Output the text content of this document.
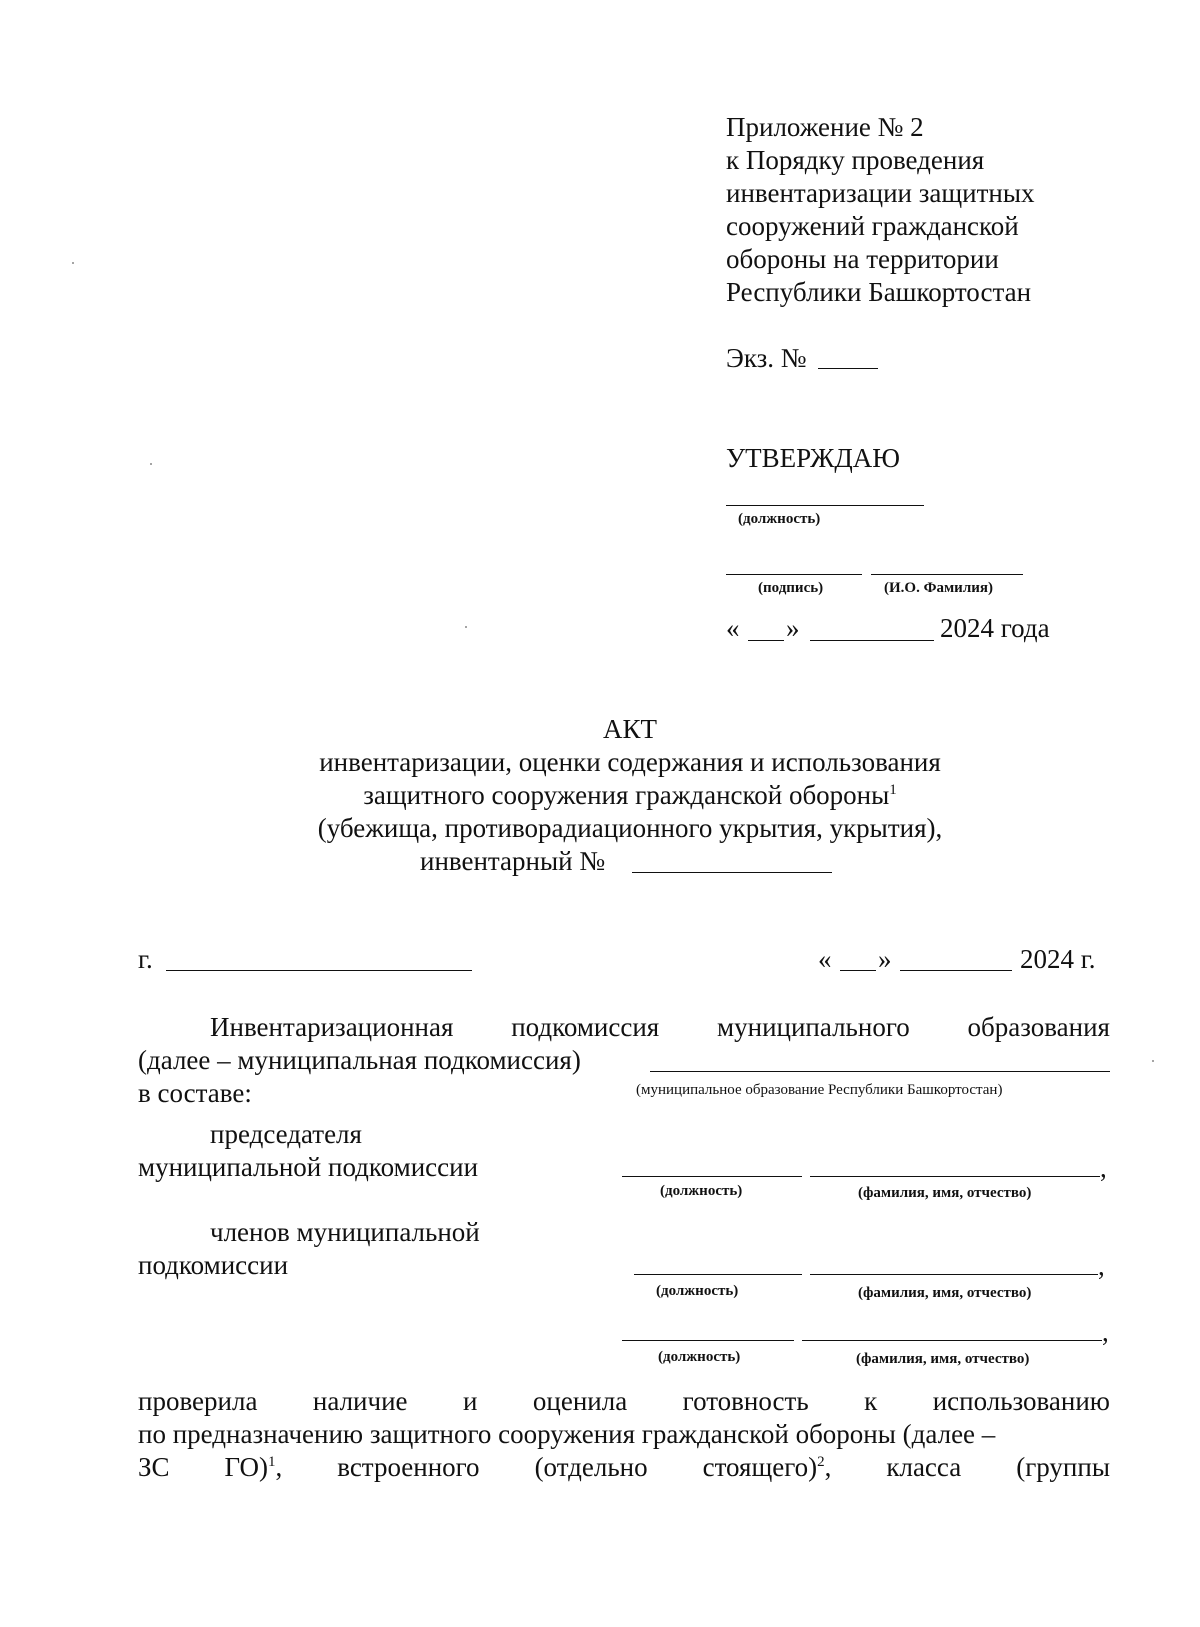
Приложение № 2
к Порядку проведения
инвентаризации защитных
сооружений гражданской
обороны на территории
Республики Башкортостан
Экз. №
УТВЕРЖДАЮ
(должность)
(подпись)	(И.О. Фамилия)
« »	2024 года
АКТ
инвентаризации, оценки содержания и использования
защитного сооружения гражданской обороны$^1$
(убежища, противорадиационного укрытия, укрытия),
инвентарный №
г.	« »	2024 г.
Инвентаризационная подкомиссия муниципального образования
(далее – муниципальная подкомиссия)
в составе:	(муниципальное образование Республики Башкортостан)
председателя
муниципальной подкомиссии	,
(должность)	(фамилия, имя, отчество)
членов муниципальной
подкомиссии	,
(должность)	(фамилия, имя, отчество)
,
(должность)	(фамилия, имя, отчество)
проверила наличие и оценила готовность к использованию
по предназначению защитного сооружения гражданской обороны (далее –
ЗС ГО)$^1$, встроенного (отдельно стоящего)$^2$, класса (группы
